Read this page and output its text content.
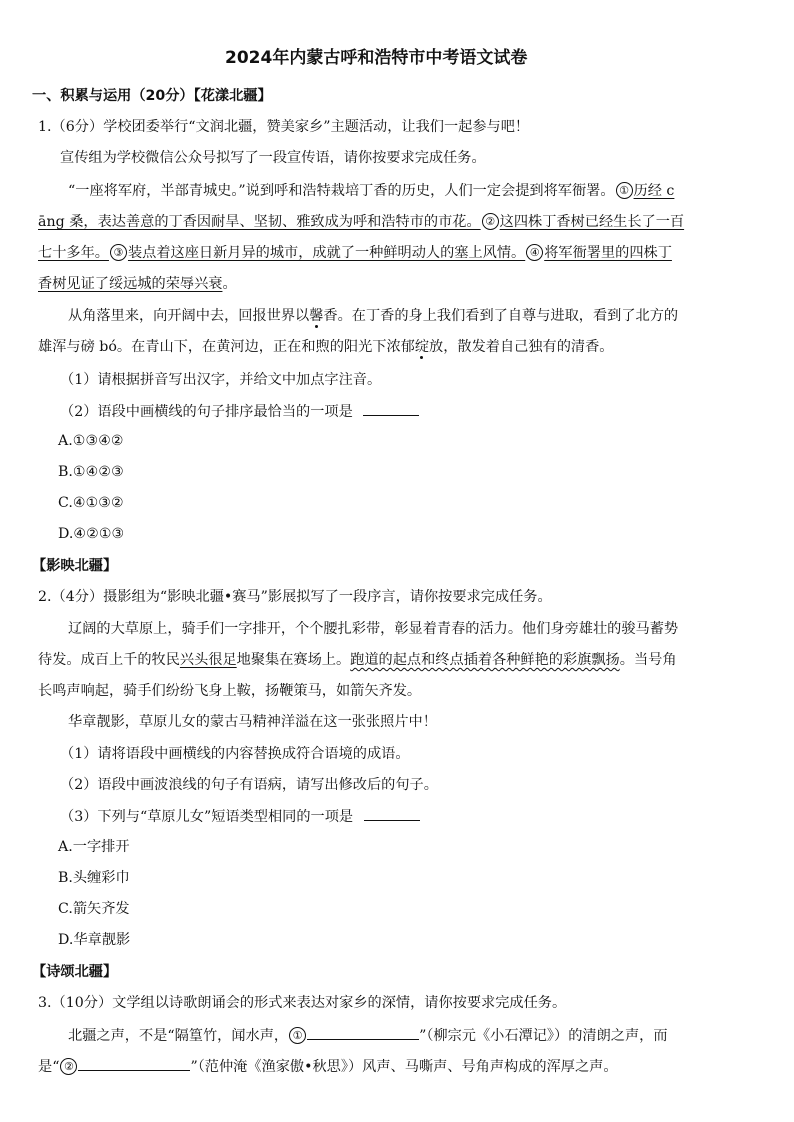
2024年内蒙古呼和浩特市中考语文试卷
一、积累与运用（20分）【花漾北疆】
1.（6分）学校团委举行“文润北疆，赞美家乡”主题活动，让我们一起参与吧！
宣传组为学校微信公众号拟写了一段宣传语，请你按要求完成任务。
“一座将军府，半部青城史。”说到呼和浩特栽培丁香的历史，人们一定会提到将军衙署。 ① 历经 c
āng 桑，表达善意的丁香因耐旱、坚韧、雅致成为呼和浩特市的市花。 ② 这四株丁香树已经生长了一百
七十多年。 ③ 装点着这座日新月异的城市，成就了一种鲜明动人的塞上风情。 ④ 将军衙署里的四株丁
香树见证了绥远城的荣辱兴衰。
从角落里来，向开阔中去，回报世界以馨香。在丁香的身上我们看到了自尊与进取，看到了北方的
雄浑与磅 bó。在青山下，在黄河边，正在和煦的阳光下浓郁绽放，散发着自己独有的清香。
（1）请根据拼音写出汉字，并给文中加点字注音。
（2）语段中画横线的句子排序最恰当的一项是
A.①③④②
B.①④②③
C.④①③②
D.④②①③
【影映北疆】
2.（4分）摄影组为“影映北疆•赛马”影展拟写了一段序言，请你按要求完成任务。
辽阔的大草原上，骑手们一字排开，个个腰扎彩带，彰显着青春的活力。他们身旁雄壮的骏马蓄势
待发。成百上千的牧民兴头很足地聚集在赛场上。跑道的起点和终点插着各种鲜艳的彩旗飘扬。当号角
长鸣声响起，骑手们纷纷飞身上鞍，扬鞭策马，如箭矢齐发。
华章靓影，草原儿女的蒙古马精神洋溢在这一张张照片中！
（1）请将语段中画横线的内容替换成符合语境的成语。
（2）语段中画波浪线的句子有语病，请写出修改后的句子。
（3）下列与“草原儿女”短语类型相同的一项是
A.一字排开
B.头缠彩巾
C.箭矢齐发
D.华章靓影
【诗颂北疆】
3.（10分）文学组以诗歌朗诵会的形式来表达对家乡的深情，请你按要求完成任务。
北疆之声，不是“隔篁竹，闻水声， ①	”（柳宗元《小石潭记》）的清朗之声，而
是“ ②	”（范仲淹《渔家傲•秋思》）风声、马嘶声、号角声构成的浑厚之声。
